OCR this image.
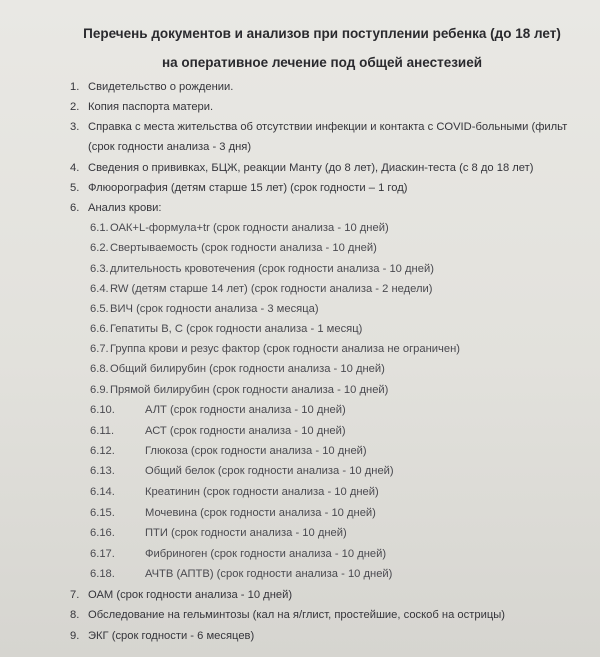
Перечень документов и анализов при поступлении ребенка (до 18 лет)
на оперативное лечение под общей анестезией
1. Свидетельство о рождении.
2. Копия паспорта матери.
3. Справка с места жительства об отсутствии инфекции и контакта с COVID-больными (фильт
(срок годности анализа - 3 дня)
4. Сведения о прививках, БЦЖ, реакции Манту (до 8 лет), Диаскин-теста (с 8 до 18 лет)
5. Флюорография (детям старше 15 лет) (срок годности – 1 год)
6. Анализ крови:
6.1.ОАК+L-формула+tr (срок годности анализа - 10 дней)
6.2.Свертываемость (срок годности анализа - 10 дней)
6.3.длительность кровотечения (срок годности анализа - 10 дней)
6.4.RW (детям старше 14 лет) (срок годности анализа - 2 недели)
6.5.ВИЧ (срок годности анализа - 3 месяца)
6.6.Гепатиты В, С (срок годности анализа - 1 месяц)
6.7.Группа крови и резус фактор (срок годности анализа не ограничен)
6.8.Общий билирубин (срок годности анализа - 10 дней)
6.9.Прямой билирубин (срок годности анализа - 10 дней)
6.10.	АЛТ (срок годности анализа - 10 дней)
6.11.	АСТ (срок годности анализа - 10 дней)
6.12.	Глюкоза (срок годности анализа - 10 дней)
6.13.	Общий белок (срок годности анализа - 10 дней)
6.14.	Креатинин (срок годности анализа - 10 дней)
6.15.	Мочевина (срок годности анализа - 10 дней)
6.16.	ПТИ (срок годности анализа - 10 дней)
6.17.	Фибриноген (срок годности анализа - 10 дней)
6.18.	АЧТВ (АПТВ) (срок годности анализа - 10 дней)
7. ОАМ (срок годности анализа - 10 дней)
8. Обследование на гельминтозы (кал на я/глист, простейшие, соскоб на острицы)
9. ЭКГ (срок годности - 6 месяцев)
